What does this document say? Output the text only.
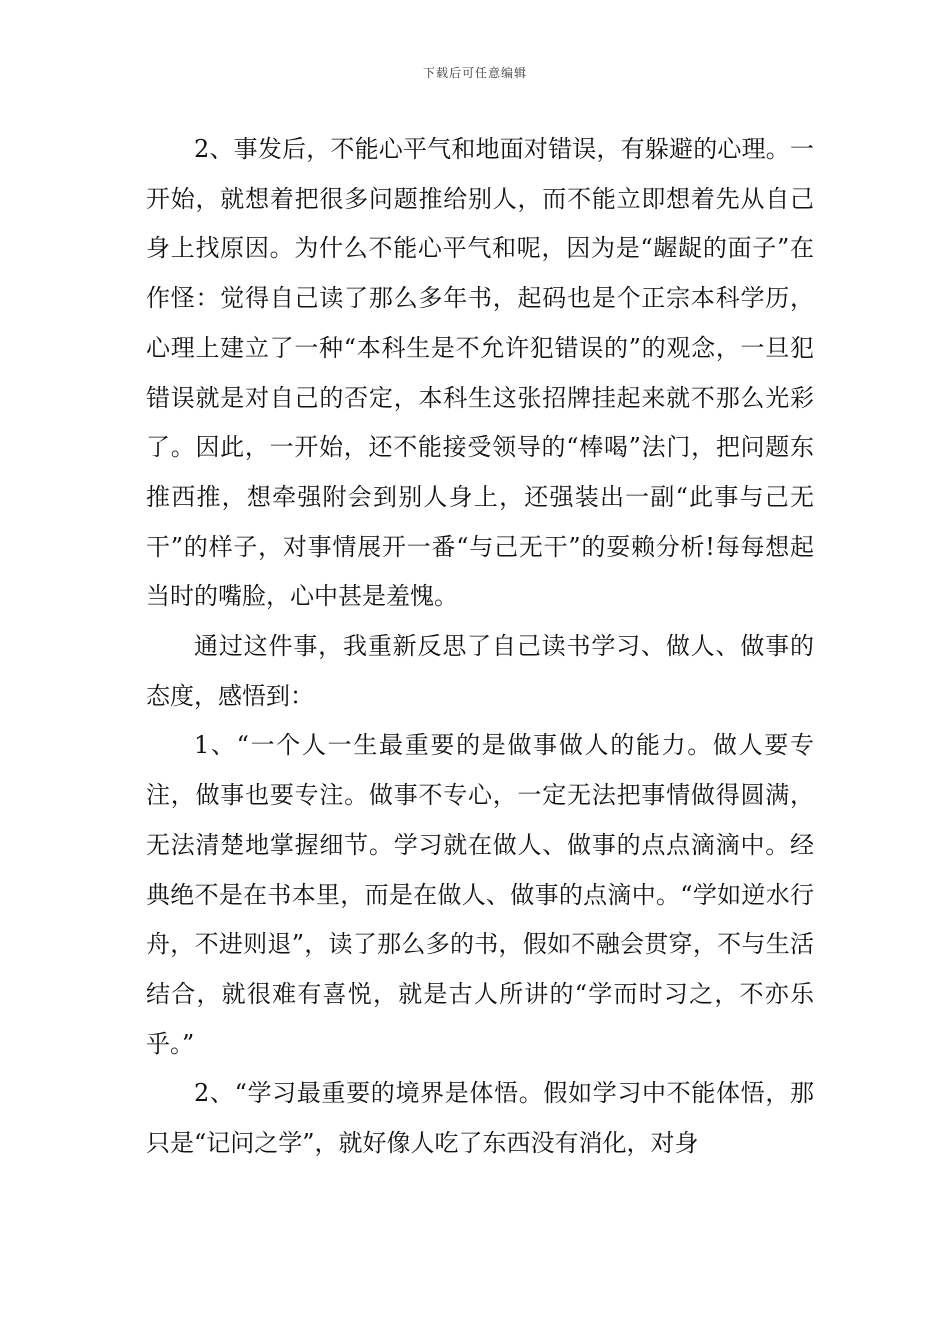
下载后可任意编辑

2、事发后，不能心平气和地面对错误，有躲避的心理。一开始，就想着把很多问题推给别人，而不能立即想着先从自己身上找原因。为什么不能心平气和呢，因为是“龌龊的面子”在作怪：觉得自己读了那么多年书，起码也是个正宗本科学历，心理上建立了一种“本科生是不允许犯错误的”的观念，一旦犯错误就是对自己的否定，本科生这张招牌挂起来就不那么光彩了。因此，一开始，还不能接受领导的“棒喝”法门，把问题东推西推，想牵强附会到别人身上，还强装出一副“此事与己无干”的样子，对事情展开一番“与己无干”的耍赖分析!每每想起当时的嘴脸，心中甚是羞愧。

通过这件事，我重新反思了自己读书学习、做人、做事的态度，感悟到：

1、“一个人一生最重要的是做事做人的能力。做人要专注，做事也要专注。做事不专心，一定无法把事情做得圆满，无法清楚地掌握细节。学习就在做人、做事的点点滴滴中。经典绝不是在书本里，而是在做人、做事的点滴中。“学如逆水行舟，不进则退”，读了那么多的书，假如不融会贯穿，不与生活结合，就很难有喜悦，就是古人所讲的“学而时习之，不亦乐乎。”

2、“学习最重要的境界是体悟。假如学习中不能体悟，那只是“记问之学”，就好像人吃了东西没有消化，对身
